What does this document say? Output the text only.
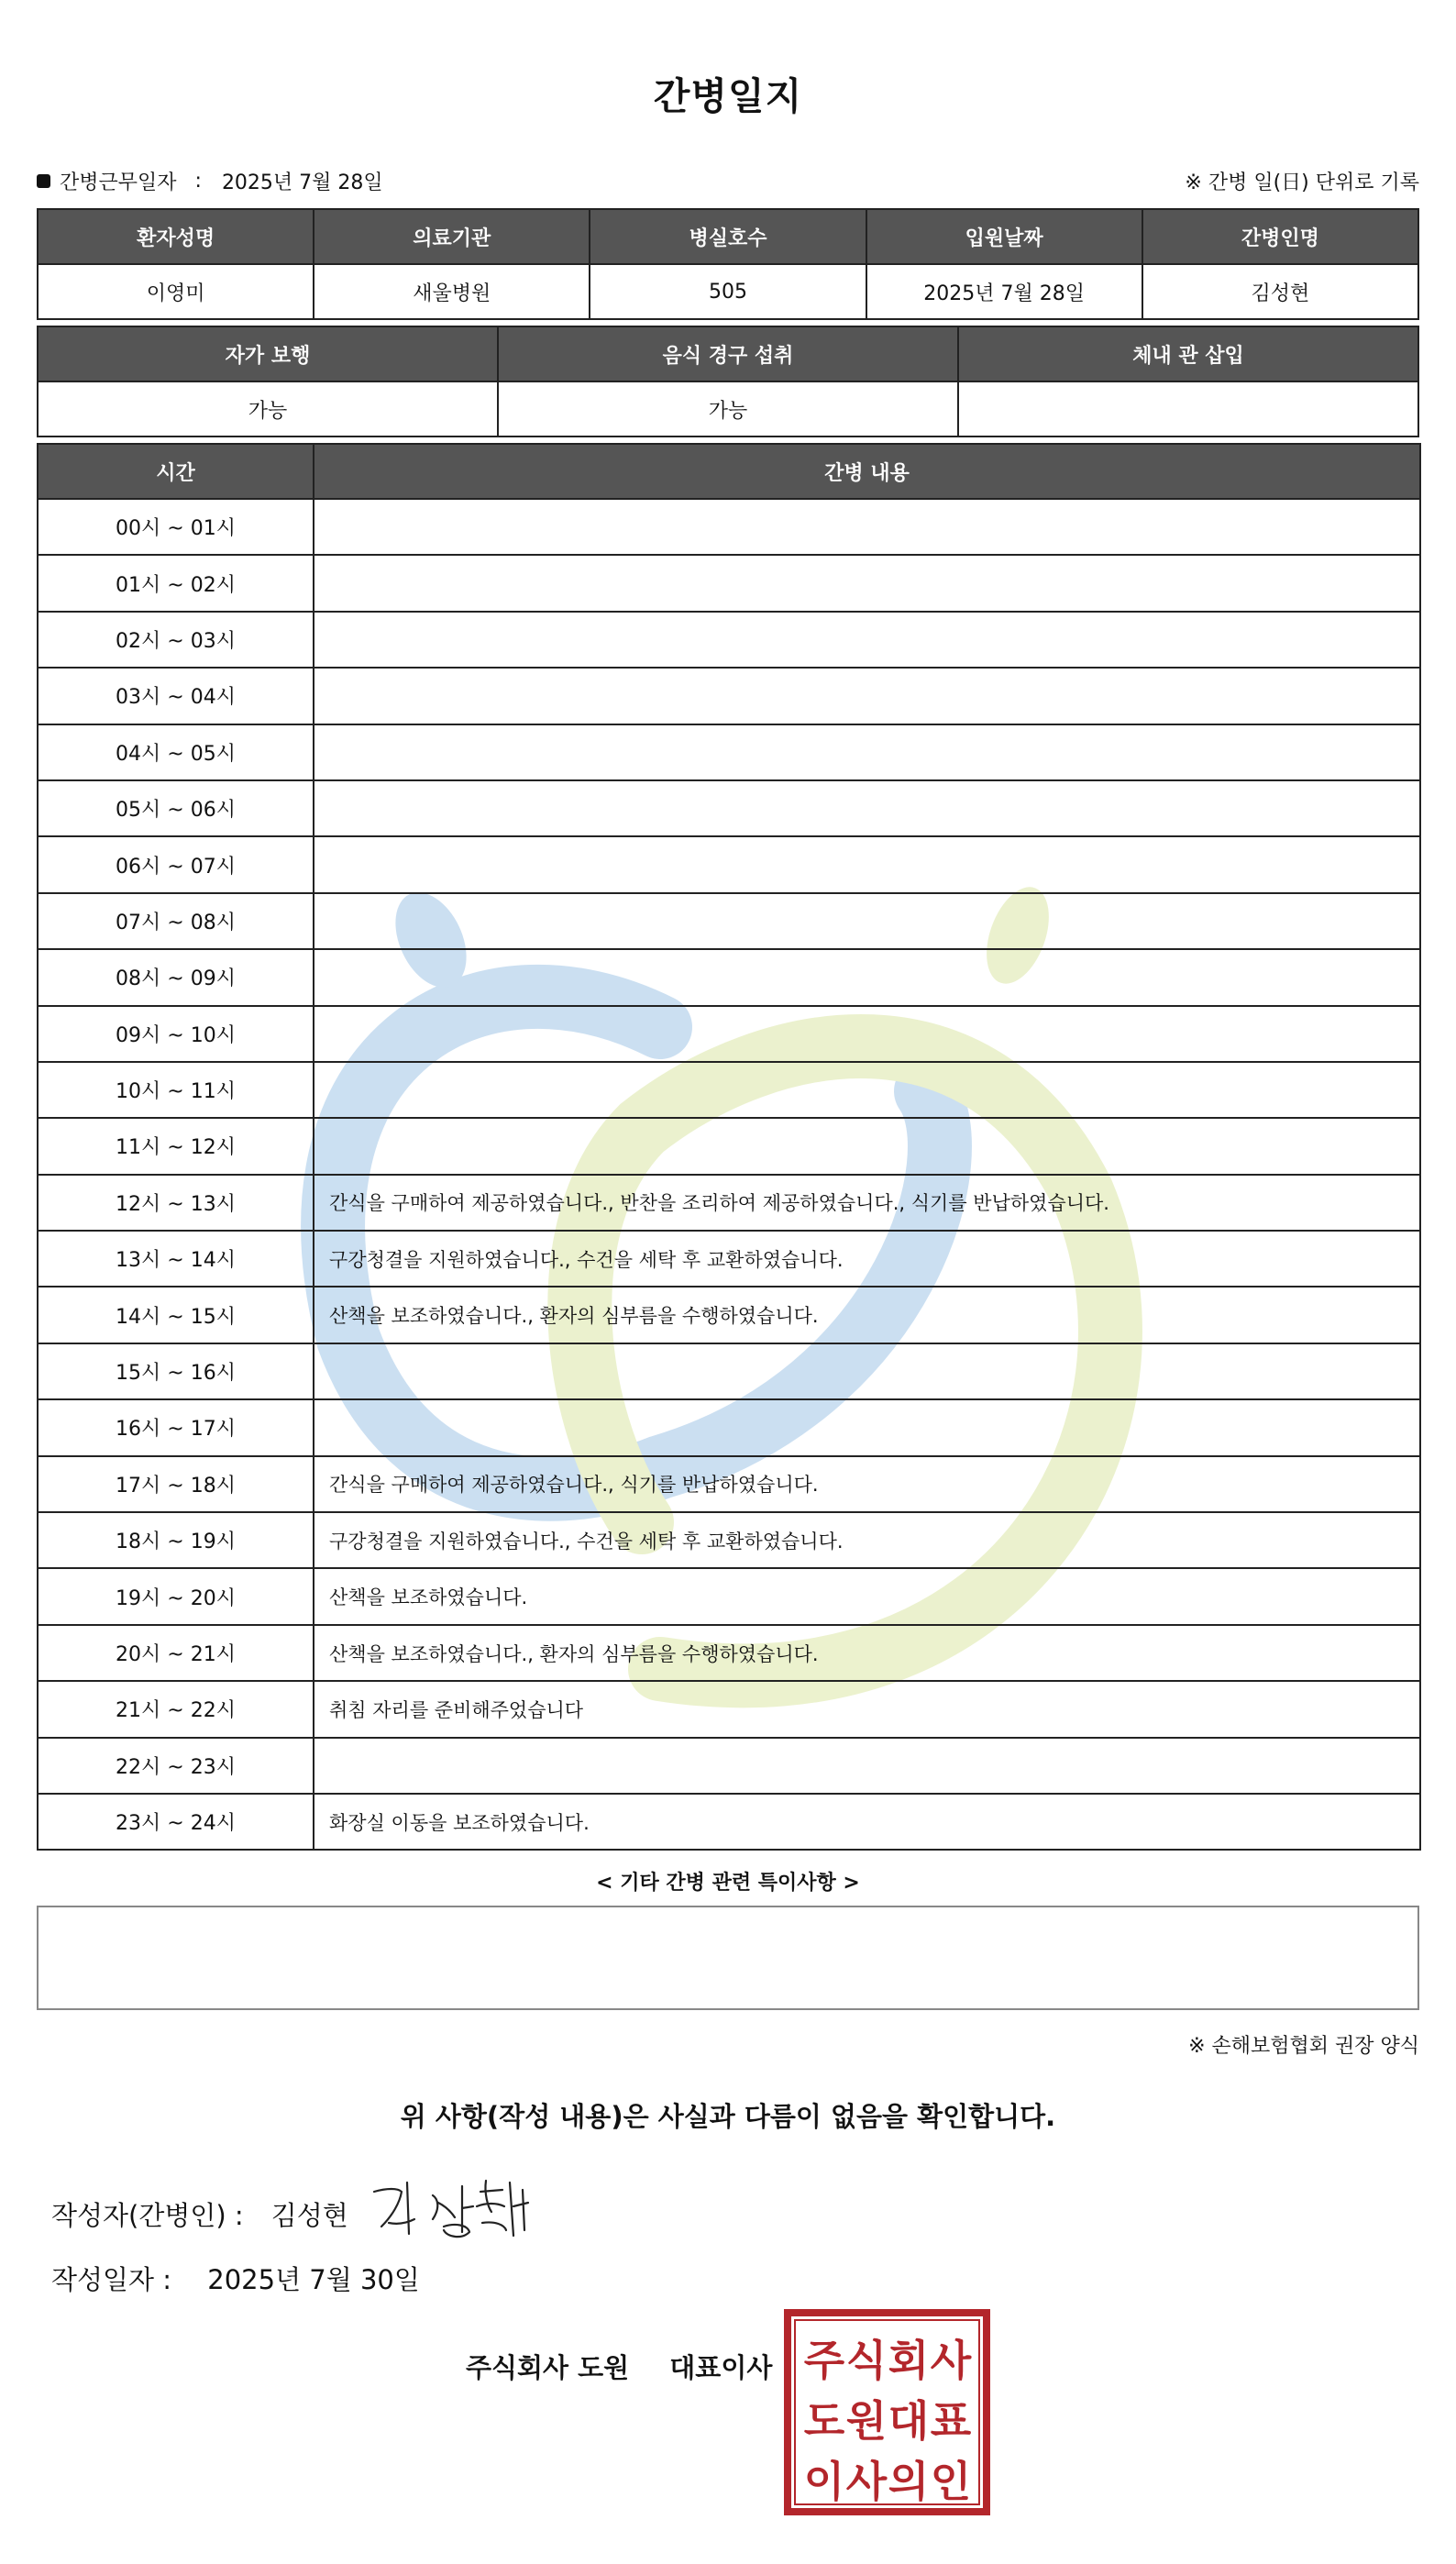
간병일지
간병근무일자 : 2025년 7월 28일	※ 간병 일(日) 단위로 기록
환자성명	의료기관	병실호수	입원날짜	간병인명
이영미	새울병원	505	2025년 7월 28일	김성현
자가 보행	음식 경구 섭취	체내 관 삽입
가능	가능	
시간	간병 내용
00시 ~ 01시	
01시 ~ 02시	
02시 ~ 03시	
03시 ~ 04시	
04시 ~ 05시	
05시 ~ 06시	
06시 ~ 07시	
07시 ~ 08시	
08시 ~ 09시	
09시 ~ 10시	
10시 ~ 11시	
11시 ~ 12시	
12시 ~ 13시	간식을 구매하여 제공하였습니다., 반찬을 조리하여 제공하였습니다., 식기를 반납하였습니다.
13시 ~ 14시	구강청결을 지원하였습니다., 수건을 세탁 후 교환하였습니다.
14시 ~ 15시	산책을 보조하였습니다., 환자의 심부름을 수행하였습니다.
15시 ~ 16시	
16시 ~ 17시	
17시 ~ 18시	간식을 구매하여 제공하였습니다., 식기를 반납하였습니다.
18시 ~ 19시	구강청결을 지원하였습니다., 수건을 세탁 후 교환하였습니다.
19시 ~ 20시	산책을 보조하였습니다.
20시 ~ 21시	산책을 보조하였습니다., 환자의 심부름을 수행하였습니다.
21시 ~ 22시	취침 자리를 준비해주었습니다
22시 ~ 23시	
23시 ~ 24시	화장실 이동을 보조하였습니다.
< 기타 간병 관련 특이사항 >
※ 손해보험협회 권장 양식
위 사항(작성 내용)은 사실과 다름이 없음을 확인합니다.
작성자(간병인) : 김성현
작성일자 : 2025년 7월 30일
주식회사 도원 대표이사 주 식 회 사
도 원 대 표
이 사 의 인
